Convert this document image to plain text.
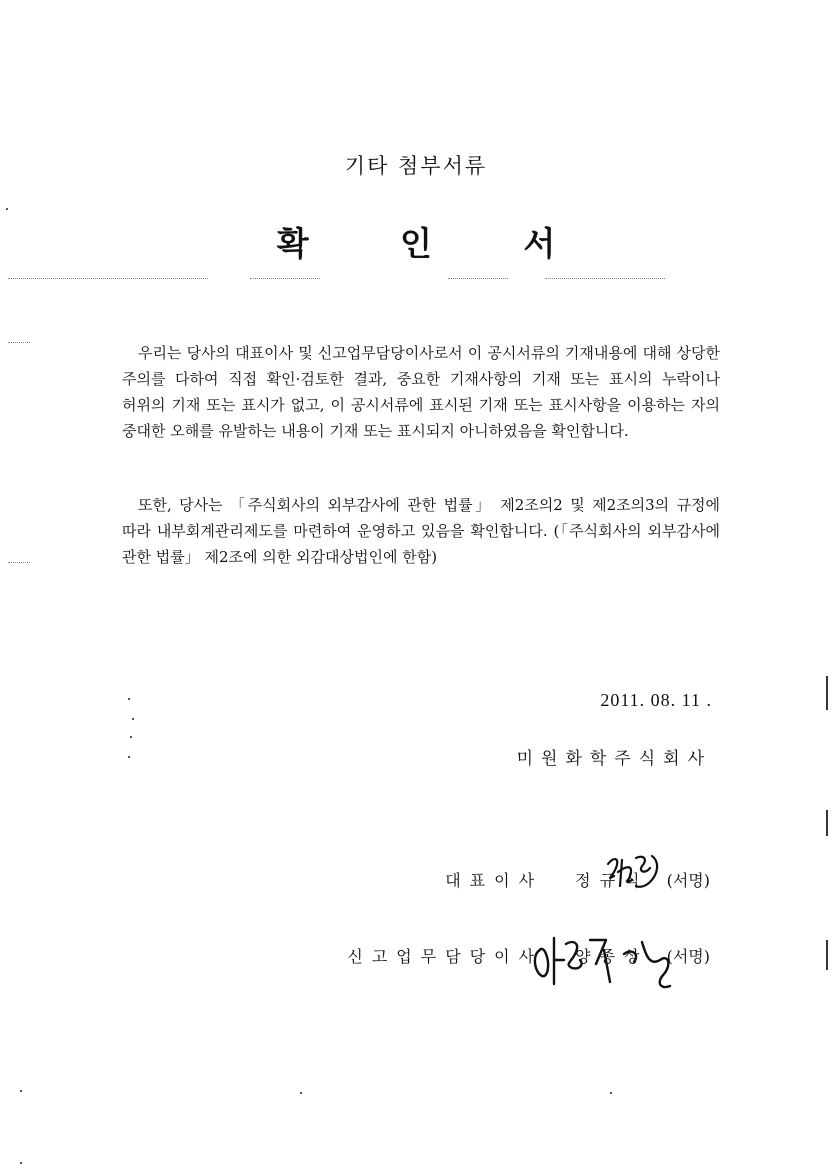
기타 첨부서류
확 인 서

우리는 당사의 대표이사 및 신고업무담당이사로서 이 공시서류의 기재내용에 대해 상당한 주의를 다하여 직접 확인·검토한 결과, 중요한 기재사항의 기재 또는 표시의 누락이나 허위의 기재 또는 표시가 없고, 이 공시서류에 표시된 기재 또는 표시사항을 이용하는 자의 중대한 오해를 유발하는 내용이 기재 또는 표시되지 아니하였음을 확인합니다.

또한, 당사는 「주식회사의 외부감사에 관한 법률」 제2조의2 및 제2조의3의 규정에 따라 내부회계관리제도를 마련하여 운영하고 있음을 확인합니다. (「주식회사의 외부감사에 관한 법률」 제2조에 의한 외감대상법인에 한함)

2011. 08. 11 .
미원화학주식회사
대표이사 정규식 (서명)
신고업무담당이사 양종상 (서명)
